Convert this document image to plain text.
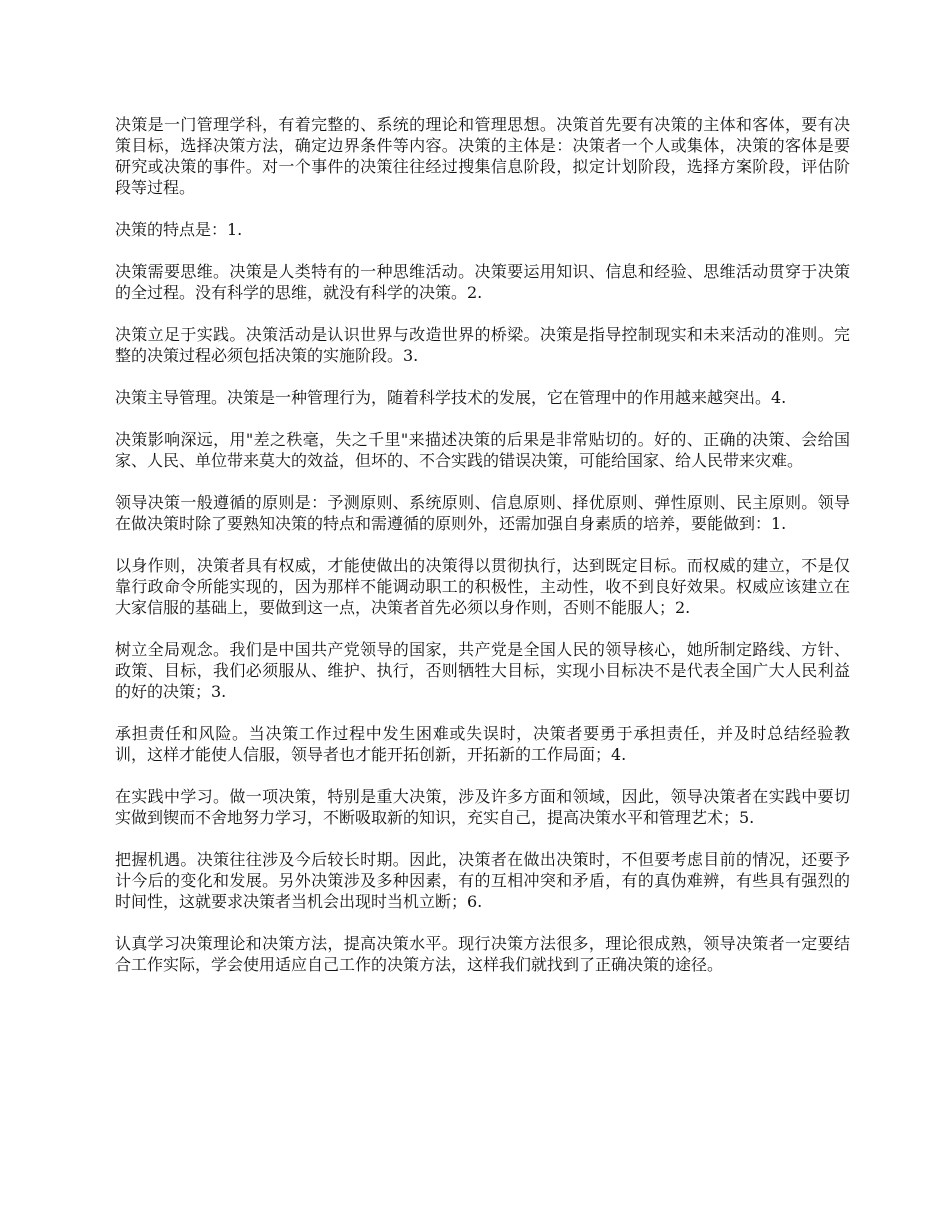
决策是一门管理学科，有着完整的、系统的理论和管理思想。决策首先要有决策的主体和客体，要有决策目标，选择决策方法，确定边界条件等内容。决策的主体是：决策者一个人或集体，决策的客体是要研究或决策的事件。对一个事件的决策往往经过搜集信息阶段，拟定计划阶段，选择方案阶段，评估阶段等过程。

决策的特点是：1.

决策需要思维。决策是人类特有的一种思维活动。决策要运用知识、信息和经验、思维活动贯穿于决策的全过程。没有科学的思维，就没有科学的决策。2.

决策立足于实践。决策活动是认识世界与改造世界的桥梁。决策是指导控制现实和未来活动的准则。完整的决策过程必须包括决策的实施阶段。3.

决策主导管理。决策是一种管理行为，随着科学技术的发展，它在管理中的作用越来越突出。4.

决策影响深远，用"差之秩毫，失之千里"来描述决策的后果是非常贴切的。好的、正确的决策、会给国家、人民、单位带来莫大的效益，但坏的、不合实践的错误决策，可能给国家、给人民带来灾难。

领导决策一般遵循的原则是：予测原则、系统原则、信息原则、择优原则、弹性原则、民主原则。领导在做决策时除了要熟知决策的特点和需遵循的原则外，还需加强自身素质的培养，要能做到：1.

以身作则，决策者具有权威，才能使做出的决策得以贯彻执行，达到既定目标。而权威的建立，不是仅靠行政命令所能实现的，因为那样不能调动职工的积极性，主动性，收不到良好效果。权威应该建立在大家信服的基础上，要做到这一点，决策者首先必须以身作则，否则不能服人；2.

树立全局观念。我们是中国共产党领导的国家，共产党是全国人民的领导核心，她所制定路线、方针、政策、目标，我们必须服从、维护、执行，否则牺牲大目标，实现小目标决不是代表全国广大人民利益的好的决策；3.

承担责任和风险。当决策工作过程中发生困难或失误时，决策者要勇于承担责任，并及时总结经验教训，这样才能使人信服，领导者也才能开拓创新，开拓新的工作局面；4.

在实践中学习。做一项决策，特别是重大决策，涉及许多方面和领域，因此，领导决策者在实践中要切实做到锲而不舍地努力学习，不断吸取新的知识，充实自己，提高决策水平和管理艺术；5.

把握机遇。决策往往涉及今后较长时期。因此，决策者在做出决策时，不但要考虑目前的情况，还要予计今后的变化和发展。另外决策涉及多种因素，有的互相冲突和矛盾，有的真伪难辨，有些具有强烈的时间性，这就要求决策者当机会出现时当机立断；6.

认真学习决策理论和决策方法，提高决策水平。现行决策方法很多，理论很成熟，领导决策者一定要结合工作实际，学会使用适应自己工作的决策方法，这样我们就找到了正确决策的途径。
